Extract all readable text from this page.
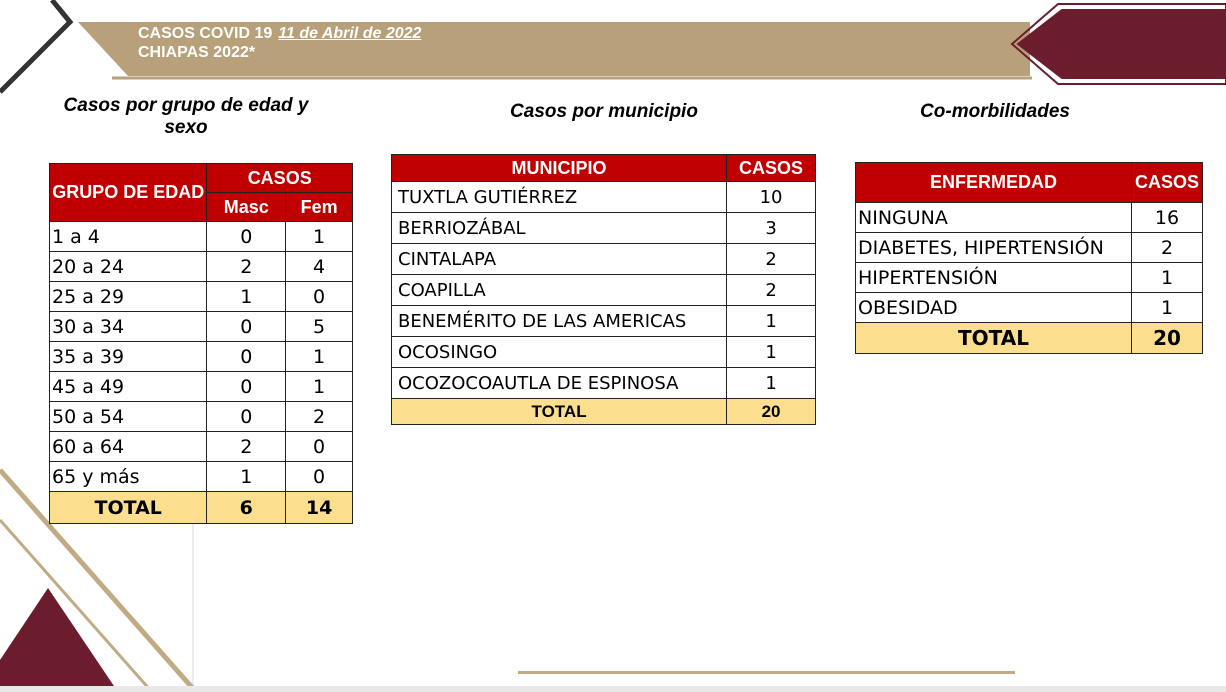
CASOS COVID 19 11 de Abril de 2022
CHIAPAS 2022*
Casos por grupo de edad y sexo
Casos por municipio	Co-morbilidades
GRUPO DE EDAD	CASOS	
	Masc	Fem
1 a 4	0	1
20 a 24	2	4
25 a 29	1	0
30 a 34	0	5
35 a 39	0	1
45 a 49	0	1
50 a 54	0	2
60 a 64	2	0
65 y más	1	0
TOTAL	6	14
MUNICIPIO	CASOS
TUXTLA GUTIÉRREZ	10
BERRIOZÁBAL	3
CINTALAPA	2
COAPILLA	2
BENEMÉRITO DE LAS AMERICAS	1
OCOSINGO	1
OCOZOCOAUTLA DE ESPINOSA	1
TOTAL	20
ENFERMEDAD	CASOS
NINGUNA	16
DIABETES, HIPERTENSIÓN	2
HIPERTENSIÓN	1
OBESIDAD	1
TOTAL	20
